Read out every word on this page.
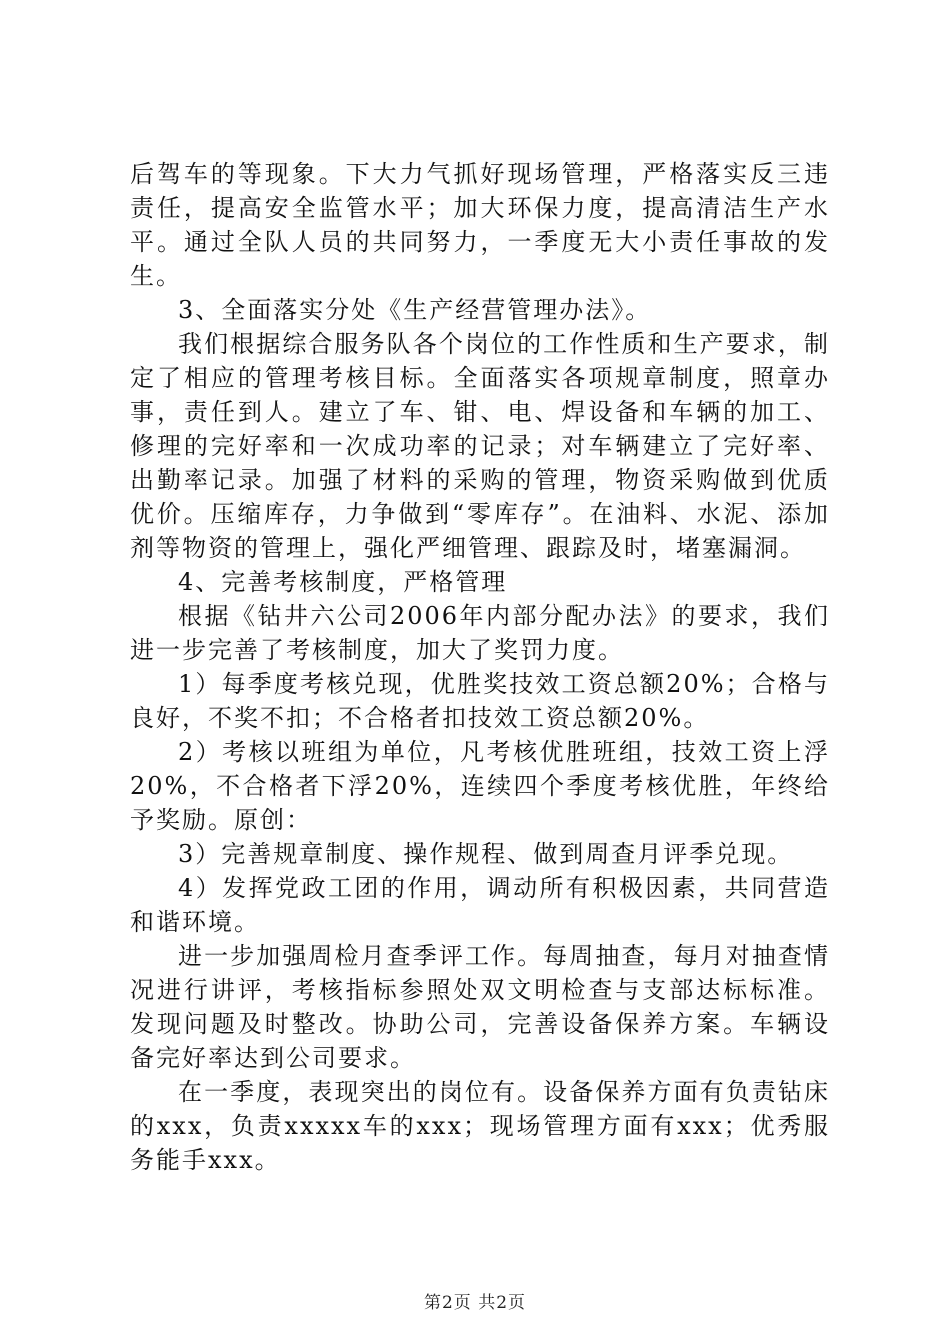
后驾车的等现象。下大力气抓好现场管理，严格落实反三违责任，提高安全监管水平；加大环保力度，提高清洁生产水平。通过全队人员的共同努力，一季度无大小责任事故的发生。

3、全面落实分处《生产经营管理办法》。

我们根据综合服务队各个岗位的工作性质和生产要求，制定了相应的管理考核目标。全面落实各项规章制度，照章办事，责任到人。建立了车、钳、电、焊设备和车辆的加工、修理的完好率和一次成功率的记录；对车辆建立了完好率、出勤率记录。加强了材料的采购的管理，物资采购做到优质优价。压缩库存，力争做到“零库存”。在油料、水泥、添加剂等物资的管理上，强化严细管理、跟踪及时，堵塞漏洞。

4、完善考核制度，严格管理

根据《钻井六公司2006年内部分配办法》的要求，我们进一步完善了考核制度，加大了奖罚力度。

1）每季度考核兑现，优胜奖技效工资总额20%；合格与良好，不奖不扣；不合格者扣技效工资总额20%。

2）考核以班组为单位，凡考核优胜班组，技效工资上浮20%，不合格者下浮20%，连续四个季度考核优胜，年终给予奖励。原创：

3）完善规章制度、操作规程、做到周查月评季兑现。

4）发挥党政工团的作用，调动所有积极因素，共同营造和谐环境。

进一步加强周检月查季评工作。每周抽查，每月对抽查情况进行讲评，考核指标参照处双文明检查与支部达标标准。发现问题及时整改。协助公司，完善设备保养方案。车辆设备完好率达到公司要求。

在一季度，表现突出的岗位有。设备保养方面有负责钻床的xxx，负责xxxxx车的xxx；现场管理方面有xxx；优秀服务能手xxx。

第2页 共2页
